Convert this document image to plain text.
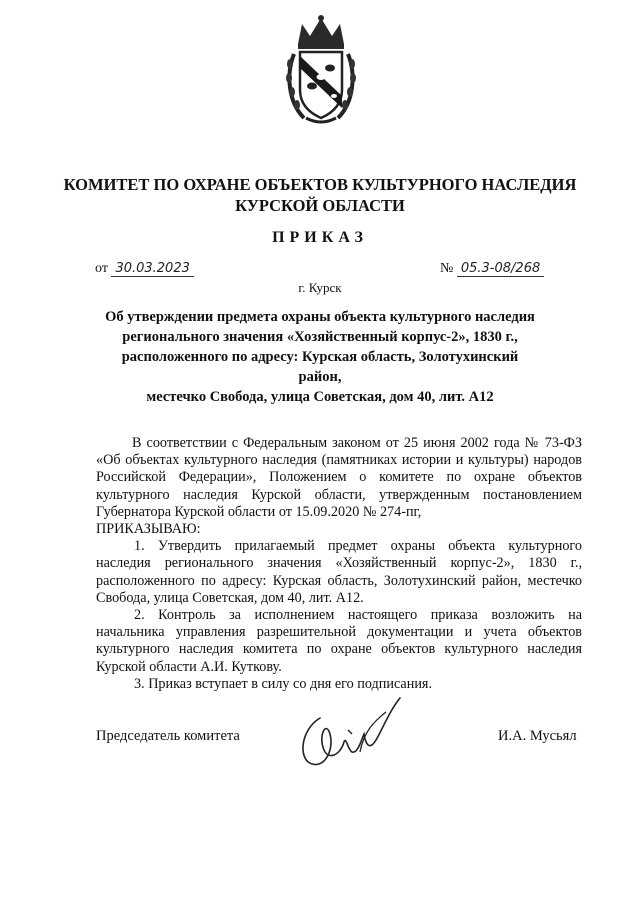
КОМИТЕТ ПО ОХРАНЕ ОБЪЕКТОВ КУЛЬТУРНОГО НАСЛЕДИЯ
КУРСКОЙ ОБЛАСТИ
ПРИКАЗ
от 30.03.2023	№ 05.3-08/268
г. Курск
Об утверждении предмета охраны объекта культурного наследия
регионального значения «Хозяйственный корпус-2», 1830 г.,
расположенного по адресу: Курская область, Золотухинский район,
местечко Свобода, улица Советская, дом 40, лит. А12

В соответствии с Федеральным законом от 25 июня 2002 года № 73-ФЗ «Об объектах культурного наследия (памятниках истории и культуры) народов Российской Федерации», Положением о комитете по охране объектов культурного наследия Курской области, утвержденным постановлением Губернатора Курской области от 15.09.2020 № 274-пг,

ПРИКАЗЫВАЮ:

1. Утвердить прилагаемый предмет охраны объекта культурного наследия регионального значения «Хозяйственный корпус-2», 1830 г., расположенного по адресу: Курская область, Золотухинский район, местечко Свобода, улица Советская, дом 40, лит. А12.

2. Контроль за исполнением настоящего приказа возложить на начальника управления разрешительной документации и учета объектов культурного наследия комитета по охране объектов культурного наследия Курской области А.И. Куткову.

3. Приказ вступает в силу со дня его подписания.

Председатель комитета	И.А. Мусьял
